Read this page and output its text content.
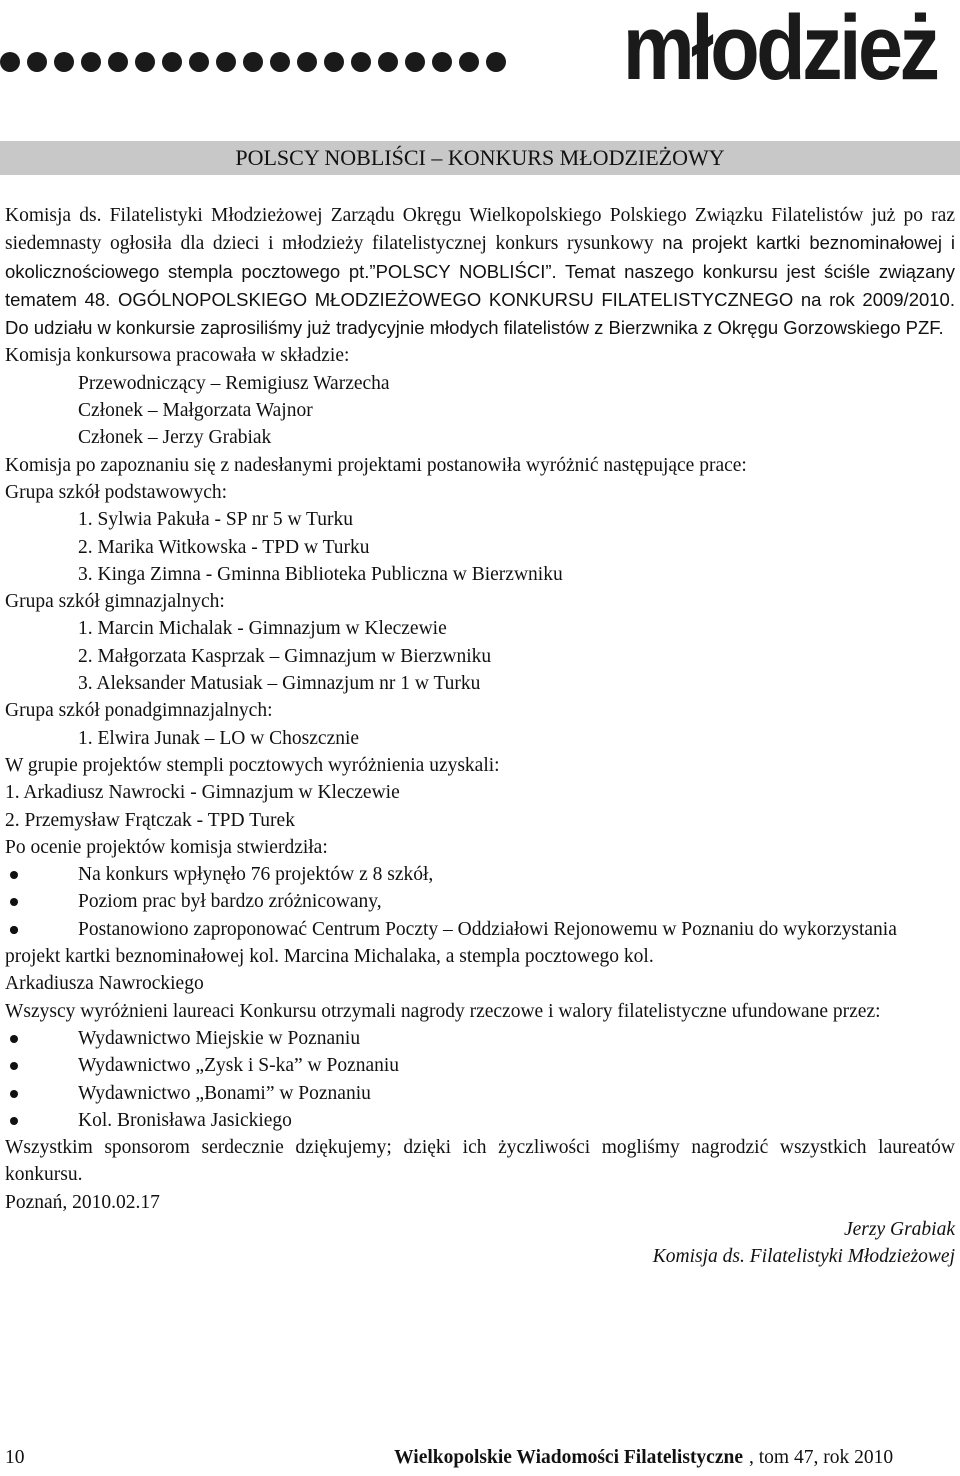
młodzież
POLSCY NOBLIŚCI – KONKURS MŁODZIEŻOWY

Komisja ds. Filatelistyki Młodzieżowej Zarządu Okręgu Wielkopolskiego Polskiego Związku Filatelistów już po raz siedemnasty ogłosiła dla dzieci i młodzieży filatelistycznej konkurs rysunkowy na projekt kartki beznominałowej i okolicznościowego stempla pocztowego pt.”POLSCY NOBLIŚCI”. Temat naszego konkursu jest ściśle związany tematem 48. OGÓLNOPOLSKIEGO MŁODZIEŻOWEGO KONKURSU FILATELISTYCZNEGO na rok 2009/2010. Do udziału w konkursie zaprosiliśmy już tradycyjnie młodych filatelistów z Bierzwnika z Okręgu Gorzowskiego PZF.

Komisja konkursowa pracowała w składzie:

Przewodniczący – Remigiusz Warzecha

Członek – Małgorzata Wajnor

Członek – Jerzy Grabiak

Komisja po zapoznaniu się z nadesłanymi projektami postanowiła wyróżnić następujące prace:

Grupa szkół podstawowych:

1. Sylwia Pakuła - SP nr 5 w Turku

2. Marika Witkowska - TPD w Turku

3. Kinga Zimna - Gminna Biblioteka Publiczna w Bierzwniku

Grupa szkół gimnazjalnych:

1. Marcin Michalak - Gimnazjum w Kleczewie

2. Małgorzata Kasprzak – Gimnazjum w Bierzwniku

3. Aleksander Matusiak – Gimnazjum nr 1 w Turku

Grupa szkół ponadgimnazjalnych:

1. Elwira Junak – LO w Choszcznie

W grupie projektów stempli pocztowych wyróżnienia uzyskali:

1. Arkadiusz Nawrocki - Gimnazjum w Kleczewie

2. Przemysław Frątczak - TPD Turek

Po ocenie projektów komisja stwierdziła:

Na konkurs wpłynęło 76 projektów z 8 szkół,

Poziom prac był bardzo zróżnicowany,

Postanowiono zaproponować Centrum Poczty – Oddziałowi Rejonowemu w Poznaniu do wykorzystania projekt kartki beznominałowej kol. Marcina Michalaka, a stempla pocztowego kol.

Arkadiusza Nawrockiego

Wszyscy wyróżnieni laureaci Konkursu otrzymali nagrody rzeczowe i walory filatelistyczne ufundowane przez:

Wydawnictwo Miejskie w Poznaniu

Wydawnictwo „Zysk i S-ka” w Poznaniu

Wydawnictwo „Bonami” w Poznaniu

Kol. Bronisława Jasickiego

Wszystkim sponsorom serdecznie dziękujemy; dzięki ich życzliwości mogliśmy nagrodzić wszystkich laureatów konkursu.

Poznań, 2010.02.17

Jerzy Grabiak

Komisja ds. Filatelistyki Młodzieżowej

10	Wielkopolskie Wiadomości Filatelistyczne , tom 47, rok 2010
